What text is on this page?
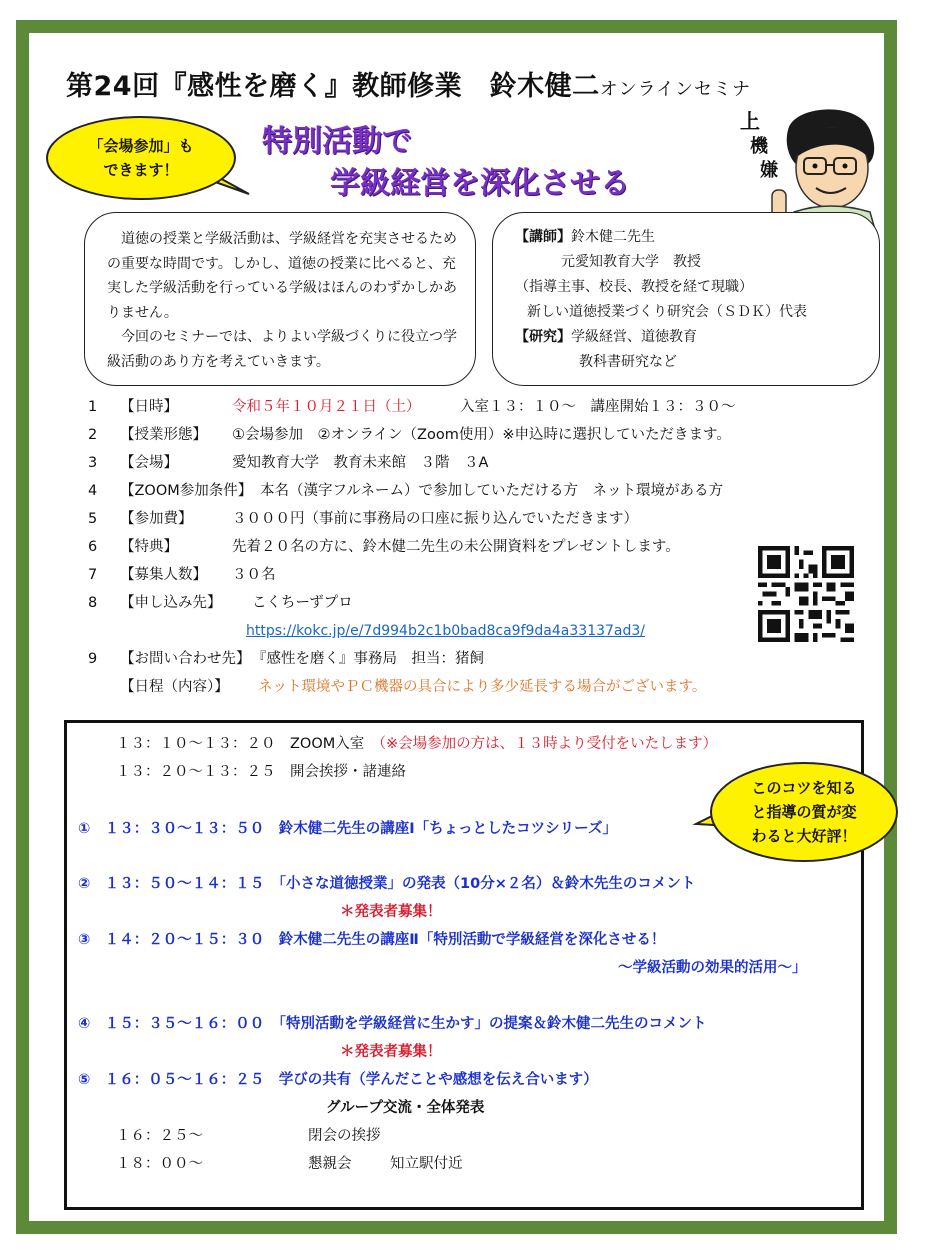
第24回『感性を磨く』教師修業　鈴木健二オンラインセミナ
「会場参加」も
できます！
特別活動で
学級経営を深化させる
上
機
嫌

道徳の授業と学級活動は、学級経営を充実させるための重要な時間です。しかし、道徳の授業に比べると、充実した学級活動を行っている学級はほんのわずかしかありません。

今回のセミナーでは、よりよい学級づくりに役立つ学級活動のあり方を考えていきます。

【講師】鈴木健二先生
元愛知教育大学　教授
（指導主事、校長、教授を経て現職）
新しい道徳授業づくり研究会（ＳＤＫ）代表
【研究】学級経営、道徳教育
教科書研究など
1 【日時】	令和５年１０月２１日（土）	入室１３：１０～　講座開始１３：３０～
2 【授業形態】 ①会場参加　②オンライン（Zoom使用）※申込時に選択していただきます。
3 【会場】	愛知教育大学　教育未来館　３階　３A
4 【ZOOM参加条件】 本名（漢字フルネーム）で参加していただける方　ネット環境がある方
5 【参加費】	３０００円（事前に事務局の口座に振り込んでいただきます）
6 【特典】	先着２０名の方に、鈴木健二先生の未公開資料をプレゼントします。
7 【募集人数】 ３０名
8 【申し込み先】 こくちーずプロ
https://kokc.jp/e/7d994b2c1b0bad8ca9f9da4a33137ad3/
9 【お問い合わせ先】 『感性を磨く』事務局　担当：猪飼
【日程（内容）】 ネット環境やＰＣ機器の具合により多少延長する場合がございます。
１３：１０～１３：２０　 ZOOM入室　 （※会場参加の方は、１３時より受付をいたします）
１３：２０～１３：２５　 開会挨拶・諸連絡
①　 １３：３０～１３：５０　 鈴木健二先生の講座Ⅰ「ちょっとしたコツシリーズ」
②　 １３：５０～１４：１５　 「小さな道徳授業」の発表（10分×２名）＆鈴木先生のコメント
＊発表者募集！
③　 １４：２０～１５：３０　 鈴木健二先生の講座Ⅱ「特別活動で学級経営を深化させる！
～学級活動の効果的活用～」
④　 １５：３５～１６：００　 「特別活動を学級経営に生かす」の提案＆鈴木健二先生のコメント
＊発表者募集！
⑤　 １６：０５～１６：２５　 学びの共有（学んだことや感想を伝え合います）
グループ交流・全体発表
１６：２５～	閉会の挨拶
１８：００～	懇親会	知立駅付近
このコツを知る
と指導の質が変
わると大好評！
